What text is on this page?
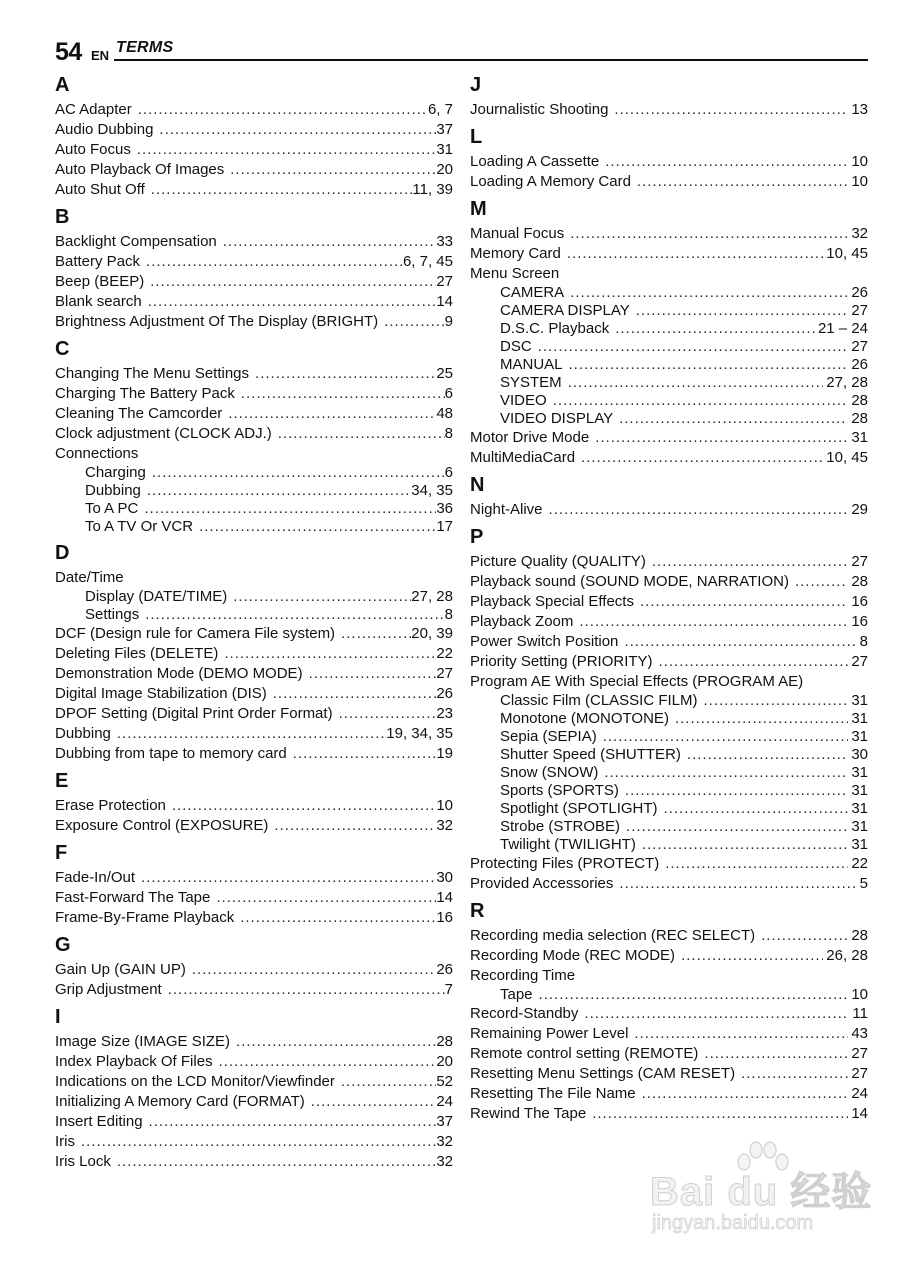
54 EN TERMS
A
AC Adapter .....	6, 7
Audio Dubbing .....	37
Auto Focus .....	31
Auto Playback Of Images .....	20
Auto Shut Off .....	11, 39
B
Backlight Compensation .....	33
Battery Pack .....	6, 7, 45
Beep (BEEP) .....	27
Blank search .....	14
Brightness Adjustment Of The Display (BRIGHT) .....	9
C
Changing The Menu Settings .....	25
Charging The Battery Pack .....	6
Cleaning The Camcorder .....	48
Clock adjustment (CLOCK ADJ.) .....	8
Connections
Charging .....	6
Dubbing .....	34, 35
To A PC .....	36
To A TV Or VCR .....	17
D
Date/Time
Display (DATE/TIME) .....	27, 28
Settings .....	8
DCF (Design rule for Camera File system) .....	20, 39
Deleting Files (DELETE) .....	22
Demonstration Mode (DEMO MODE) .....	27
Digital Image Stabilization (DIS) .....	26
DPOF Setting (Digital Print Order Format) .....	23
Dubbing .....	19, 34, 35
Dubbing from tape to memory card .....	19
E
Erase Protection .....	10
Exposure Control (EXPOSURE) .....	32
F
Fade-In/Out .....	30
Fast-Forward The Tape .....	14
Frame-By-Frame Playback .....	16
G
Gain Up (GAIN UP) .....	26
Grip Adjustment .....	7
I
Image Size (IMAGE SIZE) .....	28
Index Playback Of Files .....	20
Indications on the LCD Monitor/Viewfinder .....	52
Initializing A Memory Card (FORMAT) .....	24
Insert Editing .....	37
Iris .....	32
Iris Lock .....	32
J
Journalistic Shooting .....	13
L
Loading A Cassette .....	10
Loading A Memory Card .....	10
M
Manual Focus .....	32
Memory Card .....	10, 45
Menu Screen
CAMERA .....	26
CAMERA DISPLAY .....	27
D.S.C. Playback .....	21 – 24
DSC .....	27
MANUAL .....	26
SYSTEM .....	27, 28
VIDEO .....	28
VIDEO DISPLAY .....	28
Motor Drive Mode .....	31
MultiMediaCard .....	10, 45
N
Night-Alive .....	29
P
Picture Quality (QUALITY) .....	27
Playback sound (SOUND MODE, NARRATION) .....	28
Playback Special Effects .....	16
Playback Zoom .....	16
Power Switch Position .....	8
Priority Setting (PRIORITY) .....	27
Program AE With Special Effects (PROGRAM AE)
Classic Film (CLASSIC FILM) .....	31
Monotone (MONOTONE) .....	31
Sepia (SEPIA) .....	31
Shutter Speed (SHUTTER) .....	30
Snow (SNOW) .....	31
Sports (SPORTS) .....	31
Spotlight (SPOTLIGHT) .....	31
Strobe (STROBE) .....	31
Twilight (TWILIGHT) .....	31
Protecting Files (PROTECT) .....	22
Provided Accessories .....	5
R
Recording media selection (REC SELECT) .....	28
Recording Mode (REC MODE) .....	26, 28
Recording Time
Tape .....	10
Record-Standby .....	11
Remaining Power Level .....	43
Remote control setting (REMOTE) .....	27
Resetting Menu Settings (CAM RESET) .....	27
Resetting The File Name .....	24
Rewind The Tape .....	14
Bai du 经验
jingyan.baidu.com
